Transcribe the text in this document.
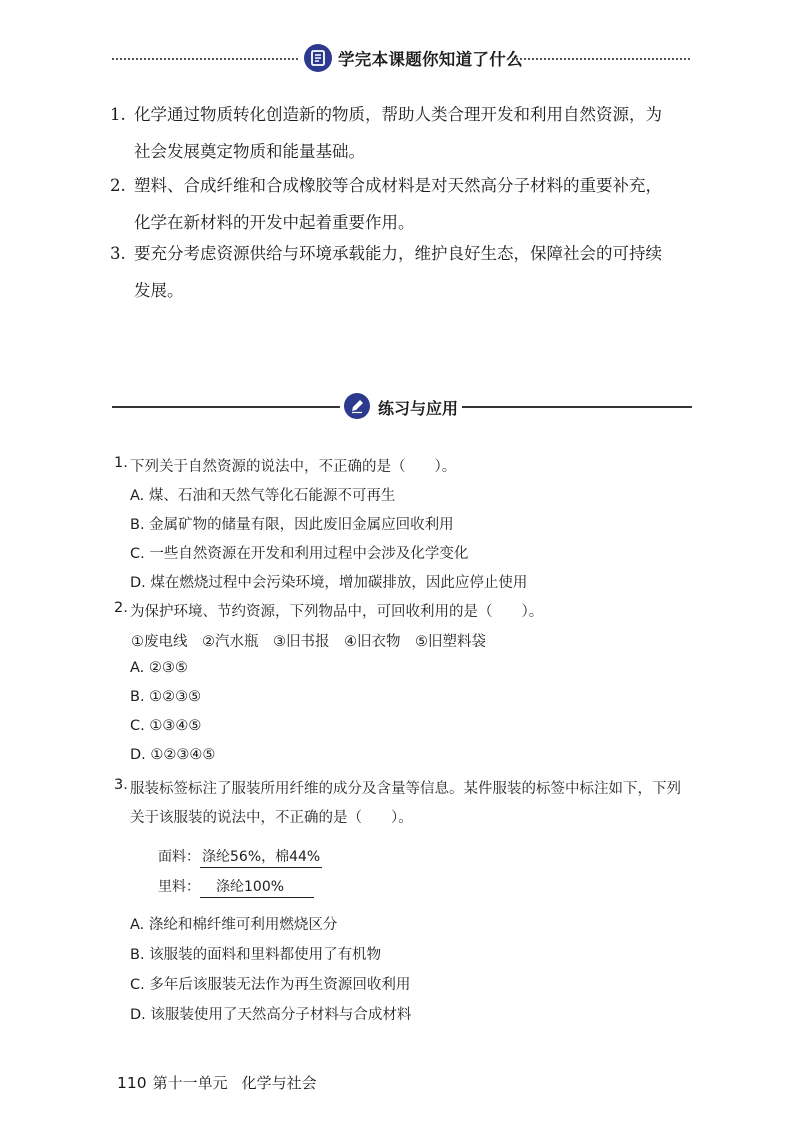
学完本课题你知道了什么
1. 化学通过物质转化创造新的物质，帮助人类合理开发和利用自然资源，为
社会发展奠定物质和能量基础。
2. 塑料、合成纤维和合成橡胶等合成材料是对天然高分子材料的重要补充，
化学在新材料的开发中起着重要作用。
3. 要充分考虑资源供给与环境承载能力，维护良好生态，保障社会的可持续
发展。
练习与应用
1. 下列关于自然资源的说法中，不正确的是（　　）。
A. 煤、石油和天然气等化石能源不可再生
B. 金属矿物的储量有限，因此废旧金属应回收利用
C. 一些自然资源在开发和利用过程中会涉及化学变化
D. 煤在燃烧过程中会污染环境，增加碳排放，因此应停止使用
2. 为保护环境、节约资源，下列物品中，可回收利用的是（　　）。
①废电线　②汽水瓶　③旧书报　④旧衣物　⑤旧塑料袋
A. ②③⑤
B. ①②③⑤
C. ①③④⑤
D. ①②③④⑤
3. 服装标签标注了服装所用纤维的成分及含量等信息。某件服装的标签中标注如下，下列
关于该服装的说法中，不正确的是（　　）。
面料： 涤纶56%，棉44%
里料：　涤纶100%　　
A. 涤纶和棉纤维可利用燃烧区分
B. 该服装的面料和里料都使用了有机物
C. 多年后该服装无法作为再生资源回收利用
D. 该服装使用了天然高分子材料与合成材料
110 第十一单元 化学与社会
